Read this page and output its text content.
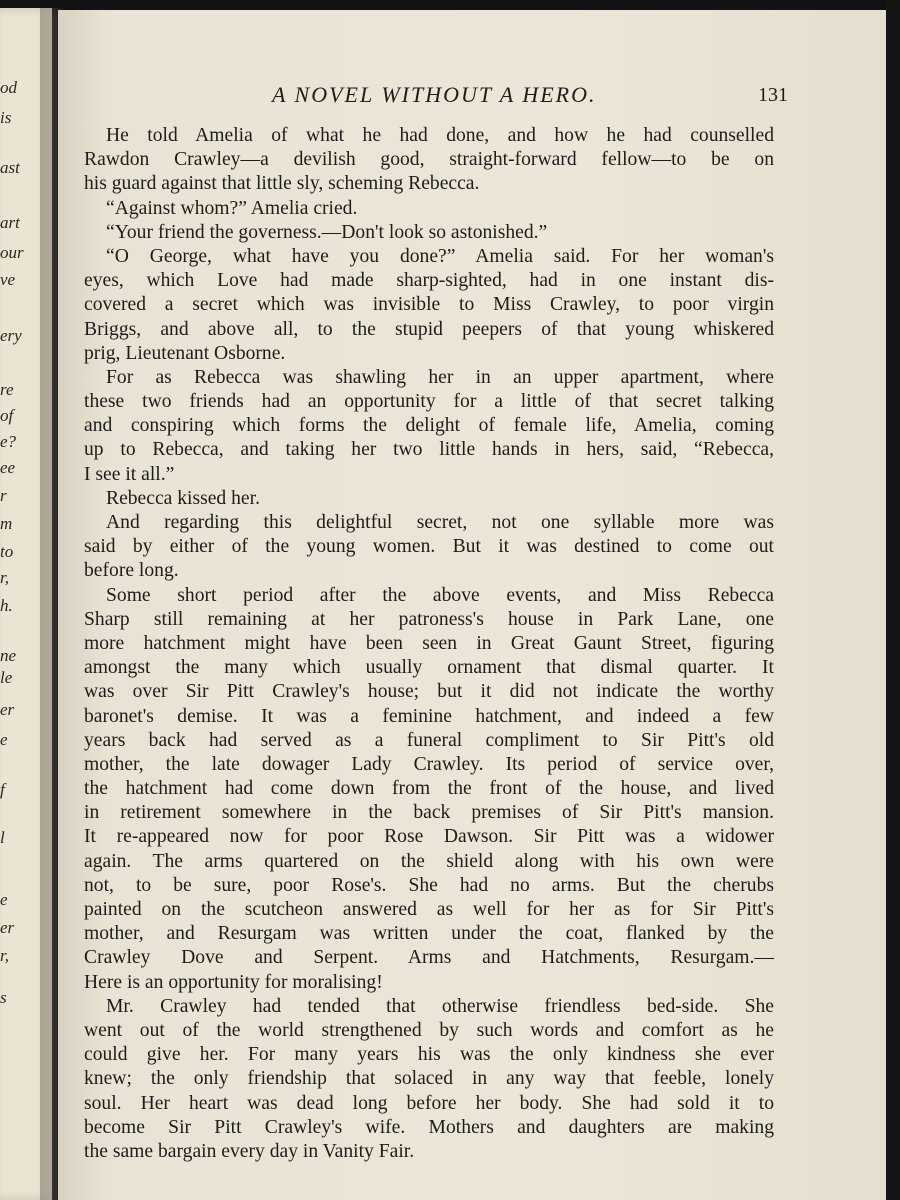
od
is
ast
art
our
ve
ery
re
of
e?
ee
r
m
to
r,
h.
ne
le
er
e
f
l
e
er
r,
s
A NOVEL WITHOUT A HERO.	131
He told Amelia of what he had done, and how he had counselled
Rawdon Crawley—a devilish good, straight-forward fellow—to be on
his guard against that little sly, scheming Rebecca.
“Against whom?” Amelia cried.
“Your friend the governess.—Don't look so astonished.”
“O George, what have you done?” Amelia said. For her woman's
eyes, which Love had made sharp-sighted, had in one instant dis-
covered a secret which was invisible to Miss Crawley, to poor virgin
Briggs, and above all, to the stupid peepers of that young whiskered
prig, Lieutenant Osborne.
For as Rebecca was shawling her in an upper apartment, where
these two friends had an opportunity for a little of that secret talking
and conspiring which forms the delight of female life, Amelia, coming
up to Rebecca, and taking her two little hands in hers, said, “Rebecca,
I see it all.”
Rebecca kissed her.
And regarding this delightful secret, not one syllable more was
said by either of the young women. But it was destined to come out
before long.
Some short period after the above events, and Miss Rebecca
Sharp still remaining at her patroness's house in Park Lane, one
more hatchment might have been seen in Great Gaunt Street, figuring
amongst the many which usually ornament that dismal quarter. It
was over Sir Pitt Crawley's house; but it did not indicate the worthy
baronet's demise. It was a feminine hatchment, and indeed a few
years back had served as a funeral compliment to Sir Pitt's old
mother, the late dowager Lady Crawley. Its period of service over,
the hatchment had come down from the front of the house, and lived
in retirement somewhere in the back premises of Sir Pitt's mansion.
It re-appeared now for poor Rose Dawson. Sir Pitt was a widower
again. The arms quartered on the shield along with his own were
not, to be sure, poor Rose's. She had no arms. But the cherubs
painted on the scutcheon answered as well for her as for Sir Pitt's
mother, and Resurgam was written under the coat, flanked by the
Crawley Dove and Serpent. Arms and Hatchments, Resurgam.—
Here is an opportunity for moralising!
Mr. Crawley had tended that otherwise friendless bed-side. She
went out of the world strengthened by such words and comfort as he
could give her. For many years his was the only kindness she ever
knew; the only friendship that solaced in any way that feeble, lonely
soul. Her heart was dead long before her body. She had sold it to
become Sir Pitt Crawley's wife. Mothers and daughters are making
the same bargain every day in Vanity Fair.
